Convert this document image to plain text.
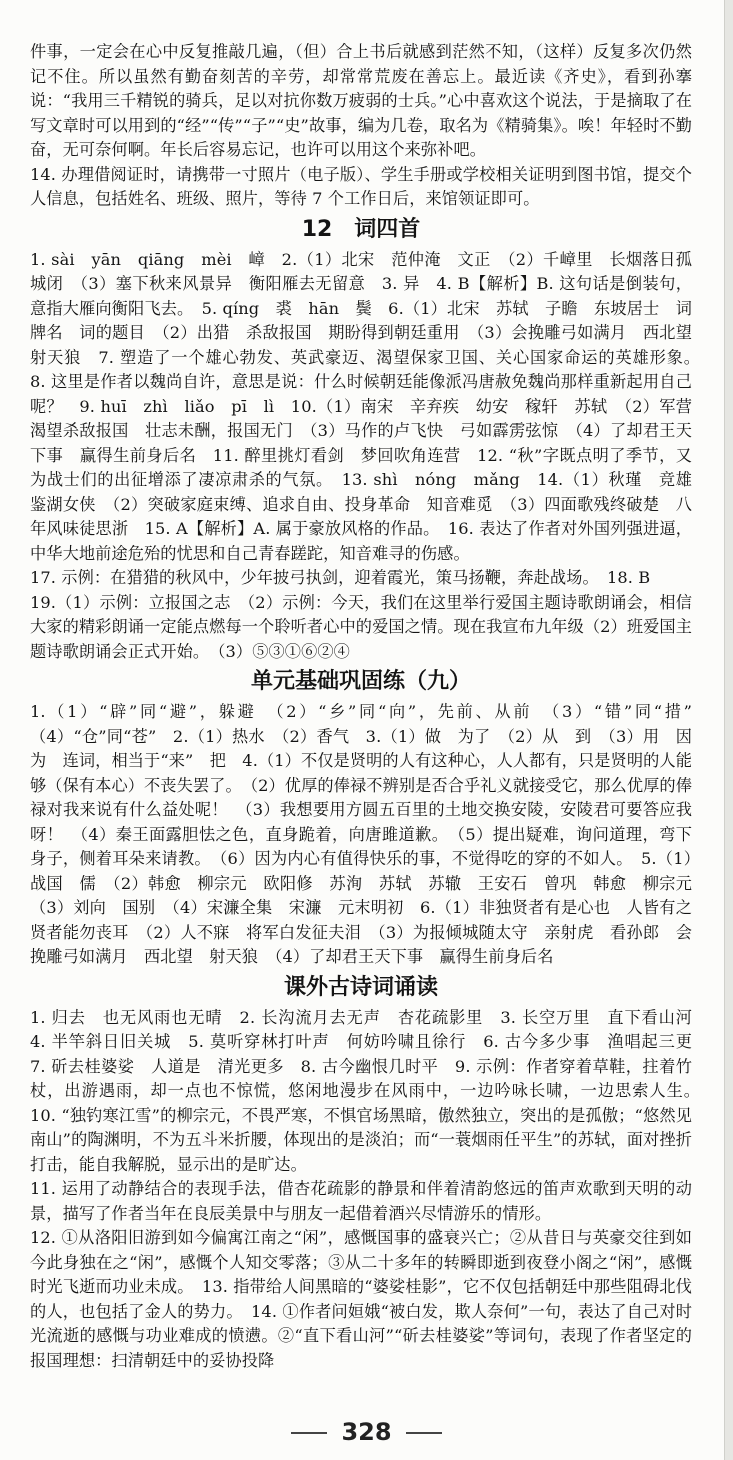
件事，一定会在心中反复推敲几遍，（但）合上书后就感到茫然不知，（这样）反复多次仍然记不住。所以虽然有勤奋刻苦的辛劳，却常常荒废在善忘上。最近读《齐史》，看到孙搴说：“我用三千精锐的骑兵，足以对抗你数万疲弱的士兵。”心中喜欢这个说法，于是摘取了在写文章时可以用到的“经”“传”“子”“史”故事，编为几卷，取名为《精骑集》。唉！年轻时不勤奋，无可奈何啊。年长后容易忘记，也许可以用这个来弥补吧。

14. 办理借阅证时，请携带一寸照片（电子版）、学生手册或学校相关证明到图书馆，提交个人信息，包括姓名、班级、照片，等待 7 个工作日后，来馆领证即可。

12　词四首

1. sài　yān　qiāng　mèi　嶂　2.（1）北宋　范仲淹　文正　（2）千嶂里　长烟落日孤城闭　（3）塞下秋来风景异　衡阳雁去无留意　3. 异　4. B【解析】B. 这句话是倒装句，意指大雁向衡阳飞去。　5. qíng　裘　hān　鬓　6.（1）北宋　苏轼　子瞻　东坡居士　词牌名　词的题目　（2）出猎　杀敌报国　期盼得到朝廷重用　（3）会挽雕弓如满月　西北望　射天狼　7. 塑造了一个雄心勃发、英武豪迈、渴望保家卫国、关心国家命运的英雄形象。　8. 这里是作者以魏尚自许，意思是说：什么时候朝廷能像派冯唐赦免魏尚那样重新起用自己呢？　9. huī　zhì　liǎo　pī　lì　10.（1）南宋　辛弃疾　幼安　稼轩　苏轼　（2）军营　渴望杀敌报国　壮志未酬，报国无门　（3）马作的卢飞快　弓如霹雳弦惊　（4）了却君王天下事　赢得生前身后名　11. 醉里挑灯看剑　梦回吹角连营　12. “秋”字既点明了季节，又为战士们的出征增添了凄凉肃杀的气氛。　13. shì　nóng　mǎng　14.（1）秋瑾　竞雄　鉴湖女侠　（2）突破家庭束缚、追求自由、投身革命　知音难觅　（3）四面歌残终破楚　八年风味徒思浙　15. A【解析】A. 属于豪放风格的作品。　16. 表达了作者对外国列强进逼，中华大地前途危殆的忧思和自己青春蹉跎，知音难寻的伤感。

17. 示例：在猎猎的秋风中，少年披弓执剑，迎着霞光，策马扬鞭，奔赴战场。　18. B

19.（1）示例：立报国之志　（2）示例：今天，我们在这里举行爱国主题诗歌朗诵会，相信大家的精彩朗诵一定能点燃每一个聆听者心中的爱国之情。现在我宣布九年级（2）班爱国主题诗歌朗诵会正式开始。　（3）⑤③①⑥②④

单元基础巩固练（九）

1.（1）“辟”同“避”，躲避　（2）“乡”同“向”，先前、从前　（3）“错”同“措”　（4）“仓”同“苍”　2.（1）热水　（2）香气　3.（1）做　为了　（2）从　到　（3）用　因为　连词，相当于“来”　把　4.（1）不仅是贤明的人有这种心，人人都有，只是贤明的人能够（保有本心）不丧失罢了。　（2）优厚的俸禄不辨别是否合乎礼义就接受它，那么优厚的俸禄对我来说有什么益处呢！　（3）我想要用方圆五百里的土地交换安陵，安陵君可要答应我呀！　（4）秦王面露胆怯之色，直身跪着，向唐雎道歉。　（5）提出疑难，询问道理，弯下身子，侧着耳朵来请教。　（6）因为内心有值得快乐的事，不觉得吃的穿的不如人。　5.（1）战国　儒　（2）韩愈　柳宗元　欧阳修　苏洵　苏轼　苏辙　王安石　曾巩　韩愈　柳宗元　（3）刘向　国别　（4）宋濂全集　宋濂　元末明初　6.（1）非独贤者有是心也　人皆有之　贤者能勿丧耳　（2）人不寐　将军白发征夫泪　（3）为报倾城随太守　亲射虎　看孙郎　会挽雕弓如满月　西北望　射天狼　（4）了却君王天下事　赢得生前身后名

课外古诗词诵读

1. 归去　也无风雨也无晴　2. 长沟流月去无声　杏花疏影里　3. 长空万里　直下看山河　4. 半竿斜日旧关城　5. 莫听穿林打叶声　何妨吟啸且徐行　6. 古今多少事　渔唱起三更　7. 斫去桂婆娑　人道是　清光更多　8. 古今幽恨几时平　9. 示例：作者穿着草鞋，拄着竹杖，出游遇雨，却一点也不惊慌，悠闲地漫步在风雨中，一边吟咏长啸，一边思索人生。　10. “独钓寒江雪”的柳宗元，不畏严寒，不惧官场黑暗，傲然独立，突出的是孤傲；“悠然见南山”的陶渊明，不为五斗米折腰，体现出的是淡泊；而“一蓑烟雨任平生”的苏轼，面对挫折打击，能自我解脱，显示出的是旷达。

11. 运用了动静结合的表现手法，借杏花疏影的静景和伴着清韵悠远的笛声欢歌到天明的动景，描写了作者当年在良辰美景中与朋友一起借着酒兴尽情游乐的情形。

12. ①从洛阳旧游到如今偏寓江南之“闲”，感慨国事的盛衰兴亡；②从昔日与英豪交往到如今此身独在之“闲”，感慨个人知交零落；③从二十多年的转瞬即逝到夜登小阁之“闲”，感慨时光飞逝而功业未成。　13. 指带给人间黑暗的“婆娑桂影”，它不仅包括朝廷中那些阻碍北伐的人，也包括了金人的势力。　14. ①作者问姮娥“被白发，欺人奈何”一句，表达了自己对时光流逝的感慨与功业难成的愤懑。②“直下看山河”“斫去桂婆娑”等词句，表现了作者坚定的报国理想：扫清朝廷中的妥协投降

328
